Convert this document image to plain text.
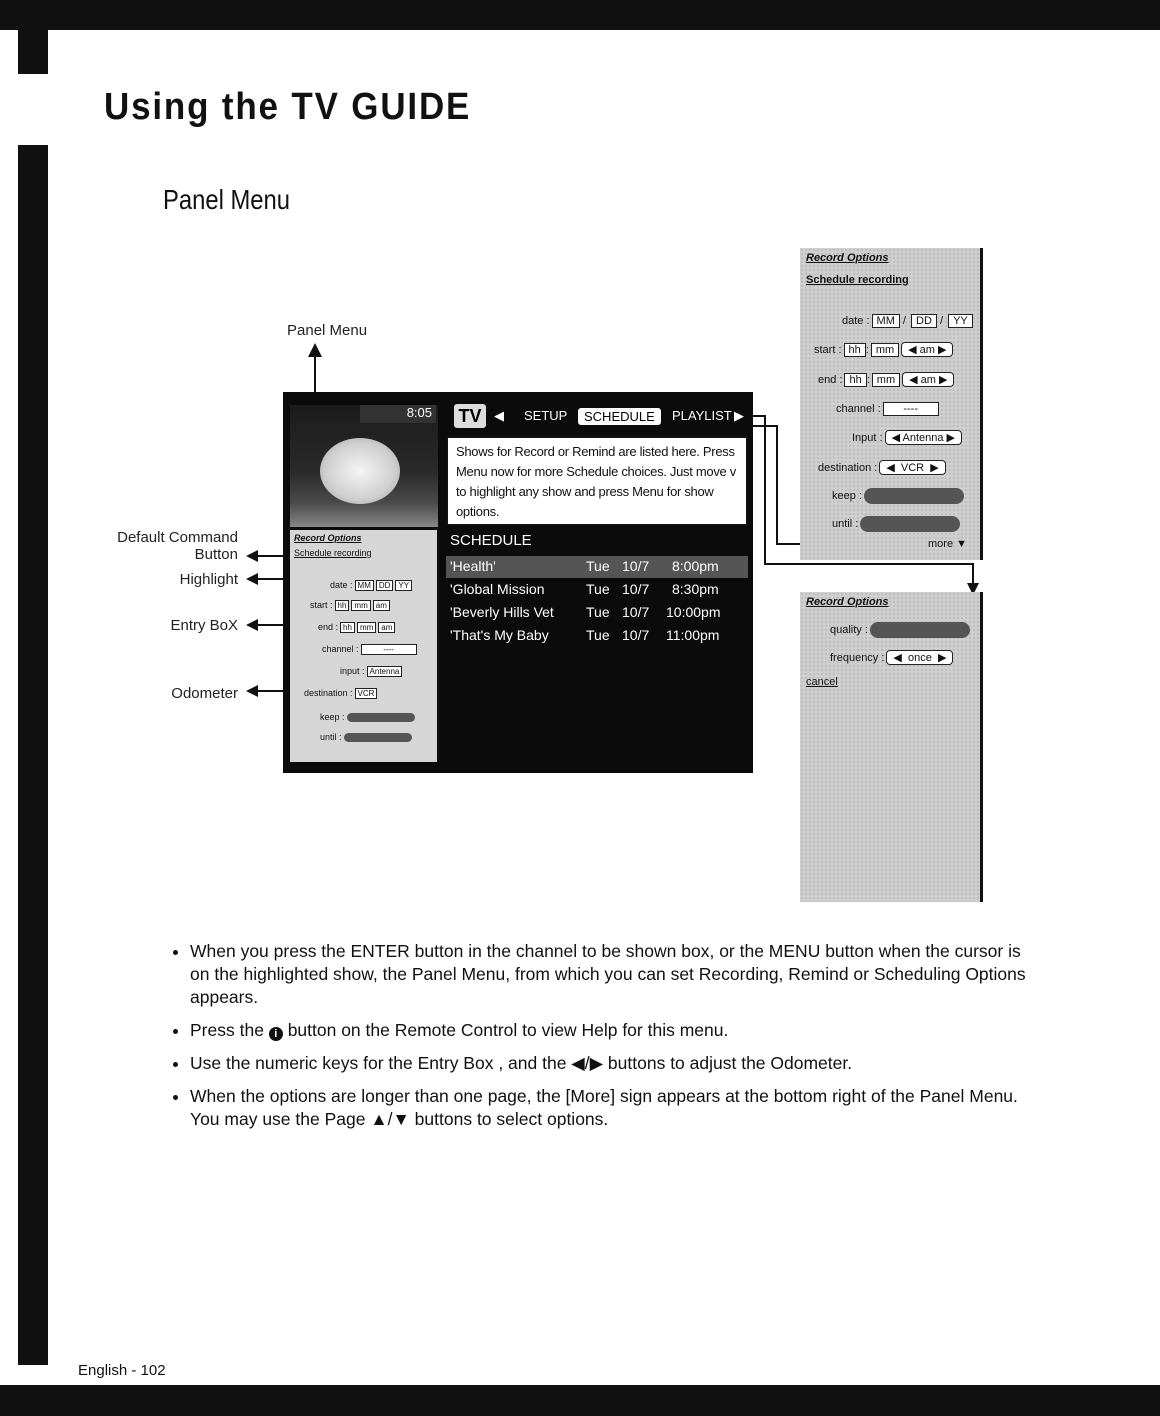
Using the TV GUIDE
Panel Menu
Panel Menu
Default Command
Button
Highlight
Entry BoX
Odometer
8:05
Record Options
Schedule recording
date : MM DD YY
start : hh mm am
end : hh mm am
channel :	----
input : Antenna
destination : VCR
keep :
until :
TV ◀ SETUP	SCHEDULE	PLAYLIST ▶
Shows for Record or Remind are listed here. Press Menu now for more Schedule choices. Just move v to highlight any show and press Menu for show options.
SCHEDULE
'Health'	Tue 10/7 8:00pm
'Global Mission	Tue 10/7 8:30pm
'Beverly Hills Vet Tue 10/7 10:00pm
'That's My Baby	Tue 10/7 11:00pm
Record Options
Schedule recording
date : MM / DD / YY
start : hh : mm ◀ am ▶
end : hh : mm ◀ am ▶
channel : ----
Input : ◀ Antenna ▶
destination : ◀  VCR  ▶
keep :
until :
more ▼
Record Options
quality :
frequency : ◀  once  ▶
cancel
• When you press the ENTER button in the channel to be shown box, or the MENU button when the cursor is on the highlighted show, the Panel Menu, from which you can set Recording, Remind or Scheduling Options appears.
• Press the i button on the Remote Control to view Help for this menu.
• Use the numeric keys for the Entry Box , and the ◀/▶ buttons to adjust the Odometer.
• When the options are longer than one page, the [More] sign appears at the bottom right of the Panel Menu. You may use the Page ▲/▼ buttons to select options.
English - 102
